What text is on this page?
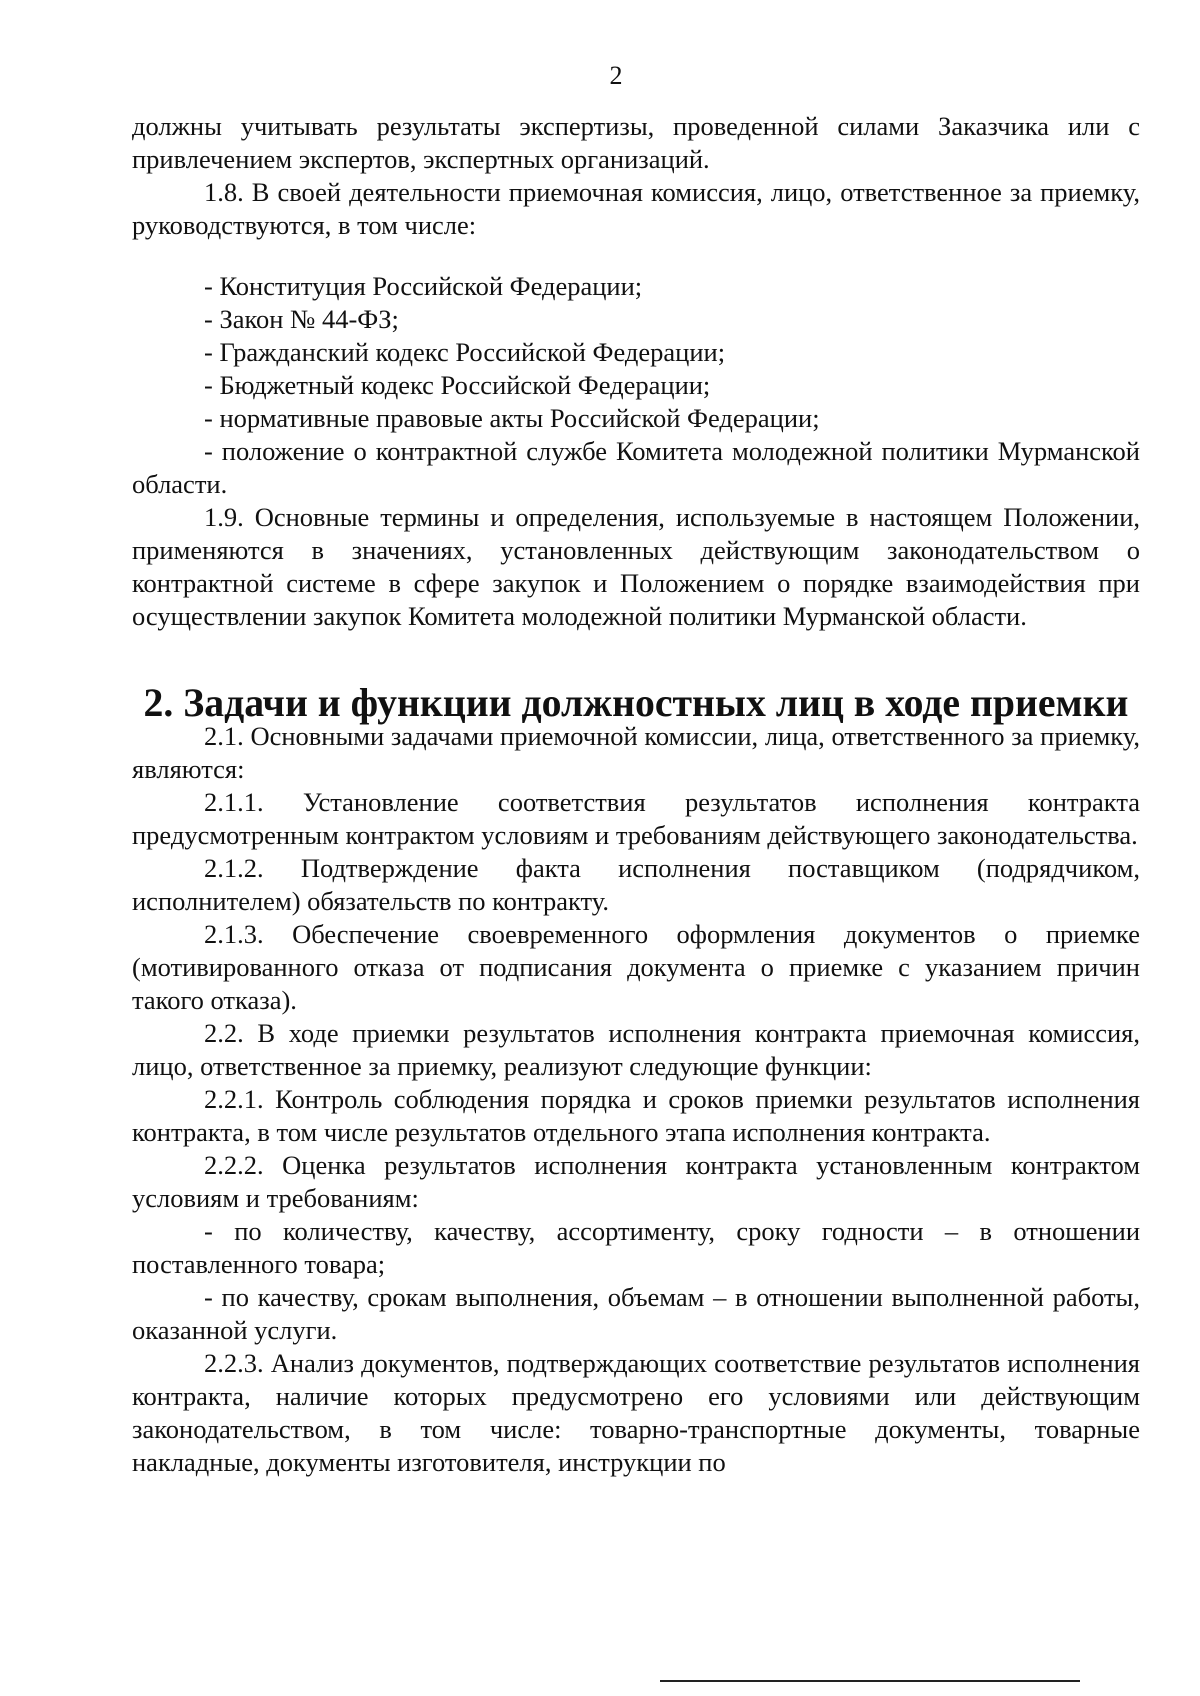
2

должны учитывать результаты экспертизы, проведенной силами Заказчика или с привлечением экспертов, экспертных организаций.

1.8. В своей деятельности приемочная комиссия, лицо, ответственное за приемку, руководствуются, в том числе:

- Конституция Российской Федерации;

- Закон № 44-ФЗ;

- Гражданский кодекс Российской Федерации;

- Бюджетный кодекс Российской Федерации;

- нормативные правовые акты Российской Федерации;

- положение о контрактной службе Комитета молодежной политики Мурманской области.

1.9. Основные термины и определения, используемые в настоящем Положении, применяются в значениях, установленных действующим законодательством о контрактной системе в сфере закупок и Положением о порядке взаимодействия при осуществлении закупок Комитета молодежной политики Мурманской области.

2. Задачи и функции должностных лиц в ходе приемки

2.1. Основными задачами приемочной комиссии, лица, ответственного за приемку, являются:

2.1.1. Установление соответствия результатов исполнения контракта предусмотренным контрактом условиям и требованиям действующего законодательства.

2.1.2. Подтверждение факта исполнения поставщиком (подрядчиком, исполнителем) обязательств по контракту.

2.1.3. Обеспечение своевременного оформления документов о приемке (мотивированного отказа от подписания документа о приемке с указанием причин такого отказа).

2.2. В ходе приемки результатов исполнения контракта приемочная комиссия, лицо, ответственное за приемку, реализуют следующие функции:

2.2.1. Контроль соблюдения порядка и сроков приемки результатов исполнения контракта, в том числе результатов отдельного этапа исполнения контракта.

2.2.2. Оценка результатов исполнения контракта установленным контрактом условиям и требованиям:

- по количеству, качеству, ассортименту, сроку годности – в отношении поставленного товара;

- по качеству, срокам выполнения, объемам – в отношении выполненной работы, оказанной услуги.

2.2.3. Анализ документов, подтверждающих соответствие результатов исполнения контракта, наличие которых предусмотрено его условиями или действующим законодательством, в том числе: товарно-транспортные документы, товарные накладные, документы изготовителя, инструкции по
